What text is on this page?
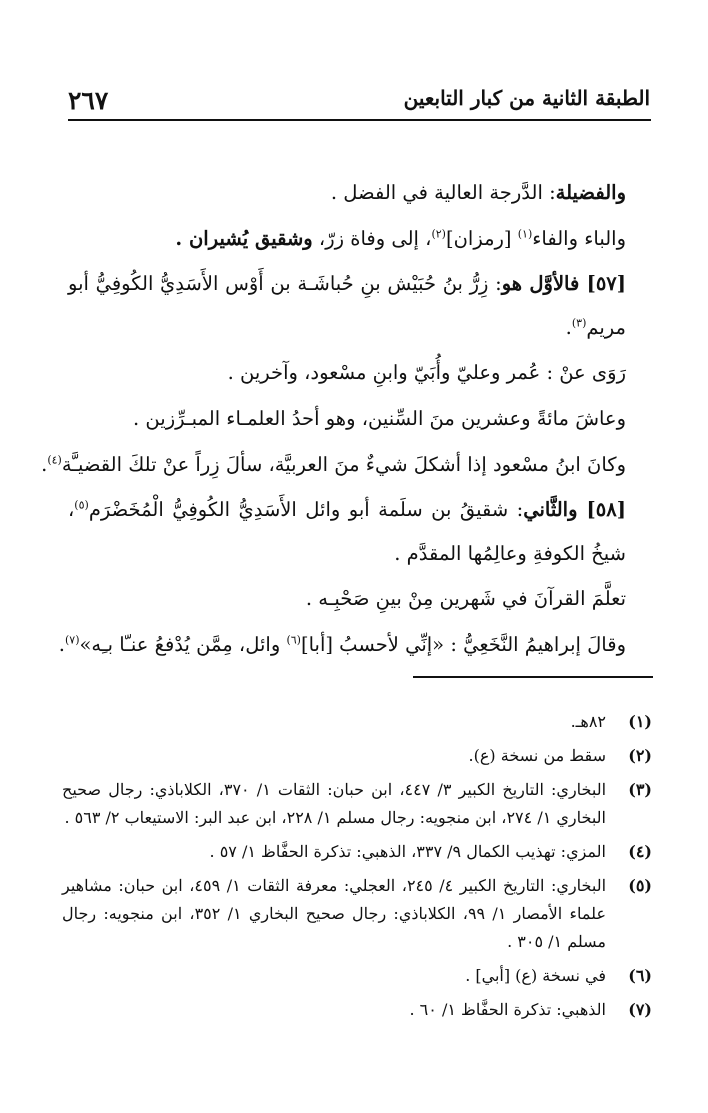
٢٦٧	الطبقة الثانية من كبار التابعين

والفضيلة: الدَّرجة العالية في الفضل .

والباء والفاء$^{(١)}$ [رمزان]$^{(٢)}$، إلى وفاة زرّ، وشقيق يُشيران .

[٥٧] فالأوَّل هو: زِرُّ بنُ حُبَيْش بنِ حُباشَـة بن أَوْس الأَسَدِيُّ الكُوفِيُّ أبو مريم$^{(٣)}$.

رَوَى عنْ : عُمر وعليّ وأُبَيّ وابنِ مسْعود، وآخرين .

وعاشَ مائةً وعشرين منَ السِّنين، وهو أحدُ العلمـاء المبـرِّزين .

وكانَ ابنُ مسْعود إذا أشكلَ شيءٌ منَ العربيَّة، سألَ زِراً عنْ تلكَ القضيـَّة$^{(٤)}$.

[٥٨] والثَّاني: شقيقُ بن سلَمة أبو وائل الأَسَدِيُّ الكُوفِيُّ الْمُخَضْرَم$^{(٥)}$، شيخُ الكوفةِ وعالِمُها المقدَّم .

تعلَّمَ القرآنَ في شَهرين مِنْ بينِ صَحْبِـه .

وقالَ إبراهيمُ النَّخَعِيُّ : «إنِّي لأحسبُ [أبا]$^{(٦)}$ وائل، مِمَّن يُدْفعُ عنـّا بـِه»$^{(٧)}$.

(١)
٨٢هـ.
(٢)
سقط من نسخة (ع).
(٣)
البخاري: التاريخ الكبير ٣/ ٤٤٧، ابن حبان: الثقات ١/ ٣٧٠، الكلاباذي: رجال صحيح البخاري ١/ ٢٧٤، ابن منجويه: رجال مسلم ١/ ٢٢٨، ابن عبد البر: الاستيعاب ٢/ ٥٦٣ .
(٤)
المزي: تهذيب الكمال ٩/ ٣٣٧، الذهبي: تذكرة الحفَّاظ ١/ ٥٧ .
(٥)
البخاري: التاريخ الكبير ٤/ ٢٤٥، العجلي: معرفة الثقات ١/ ٤٥٩، ابن حبان: مشاهير علماء الأمصار ١/ ٩٩، الكلاباذي: رجال صحيح البخاري ١/ ٣٥٢، ابن منجويه: رجال مسلم ١/ ٣٠٥ .
(٦)
في نسخة (ع) [أبي] .
(٧)
الذهبي: تذكرة الحفَّاظ ١/ ٦٠ .
